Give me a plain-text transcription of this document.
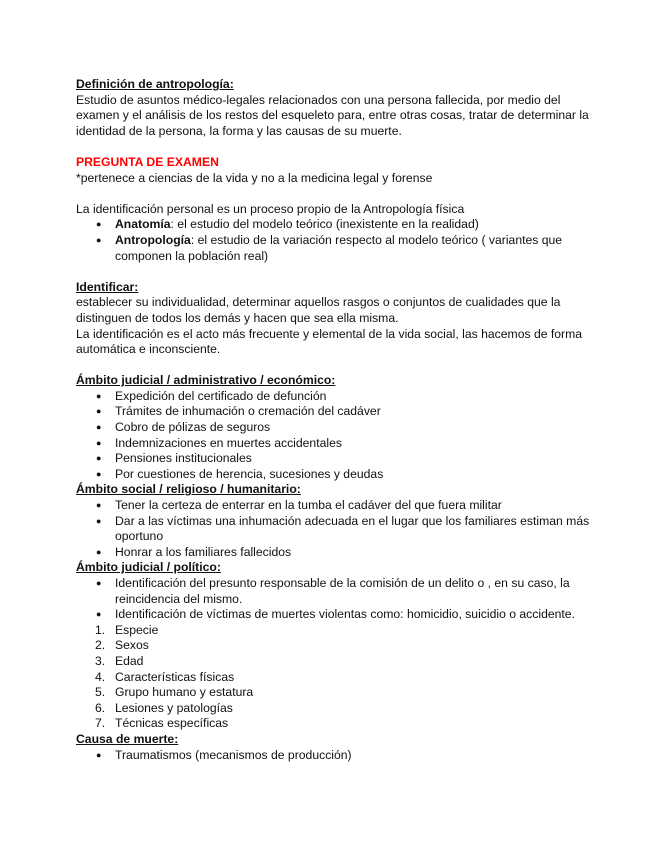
Definición de antropología:
Estudio de asuntos médico-legales relacionados con una persona fallecida, por medio del
examen y el análisis de los restos del esqueleto para, entre otras cosas, tratar de determinar la
identidad de la persona, la forma y las causas de su muerte.
PREGUNTA DE EXAMEN
*pertenece a ciencias de la vida y no a la medicina legal y forense
La identificación personal es un proceso propio de la Antropología física
● Anatomía: el estudio del modelo teórico (inexistente en la realidad)
● Antropología: el estudio de la variación respecto al modelo teórico ( variantes que
componen la población real)
Identificar:
establecer su individualidad, determinar aquellos rasgos o conjuntos de cualidades que la
distinguen de todos los demás y hacen que sea ella misma.
La identificación es el acto más frecuente y elemental de la vida social, las hacemos de forma
automática e inconsciente.
Ámbito judicial / administrativo / económico:
● Expedición del certificado de defunción
● Trámites de inhumación o cremación del cadáver
● Cobro de pólizas de seguros
● Indemnizaciones en muertes accidentales
● Pensiones institucionales
● Por cuestiones de herencia, sucesiones y deudas
Ámbito social / religioso / humanitario:
● Tener la certeza de enterrar en la tumba el cadáver del que fuera militar
● Dar a las víctimas una inhumación adecuada en el lugar que los familiares estiman más
oportuno
● Honrar a los familiares fallecidos
Ámbito judicial / político:
● Identificación del presunto responsable de la comisión de un delito o , en su caso, la
reincidencia del mismo.
● Identificación de víctimas de muertes violentas como: homicidio, suicidio o accidente.
1. Especie
2. Sexos
3. Edad
4. Características físicas
5. Grupo humano y estatura
6. Lesiones y patologías
7. Técnicas específicas
Causa de muerte:
● Traumatismos (mecanismos de producción)
